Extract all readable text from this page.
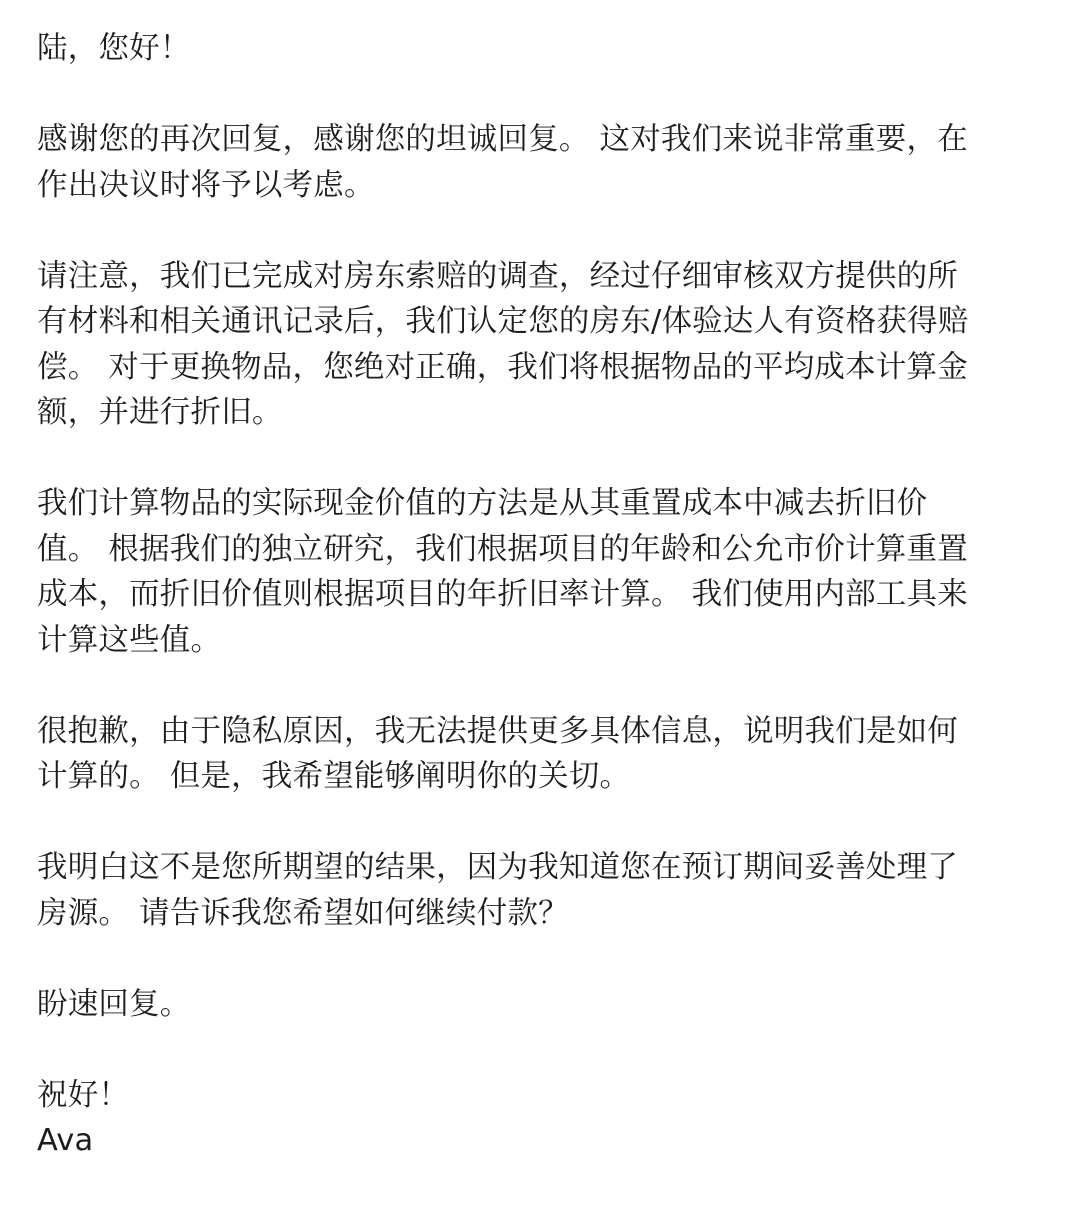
陆，您好！

感谢您的再次回复，感谢您的坦诚回复。 这对我们来说非常重要，在
作出决议时将予以考虑。

请注意，我们已完成对房东索赔的调查，经过仔细审核双方提供的所
有材料和相关通讯记录后，我们认定您的房东/体验达人有资格获得赔
偿。 对于更换物品，您绝对正确，我们将根据物品的平均成本计算金
额，并进行折旧。

我们计算物品的实际现金价值的方法是从其重置成本中减去折旧价
值。 根据我们的独立研究，我们根据项目的年龄和公允市价计算重置
成本，而折旧价值则根据项目的年折旧率计算。 我们使用内部工具来
计算这些值。

很抱歉，由于隐私原因，我无法提供更多具体信息，说明我们是如何
计算的。 但是，我希望能够阐明你的关切。

我明白这不是您所期望的结果，因为我知道您在预订期间妥善处理了
房源。 请告诉我您希望如何继续付款？

盼速回复。

祝好！
Ava
